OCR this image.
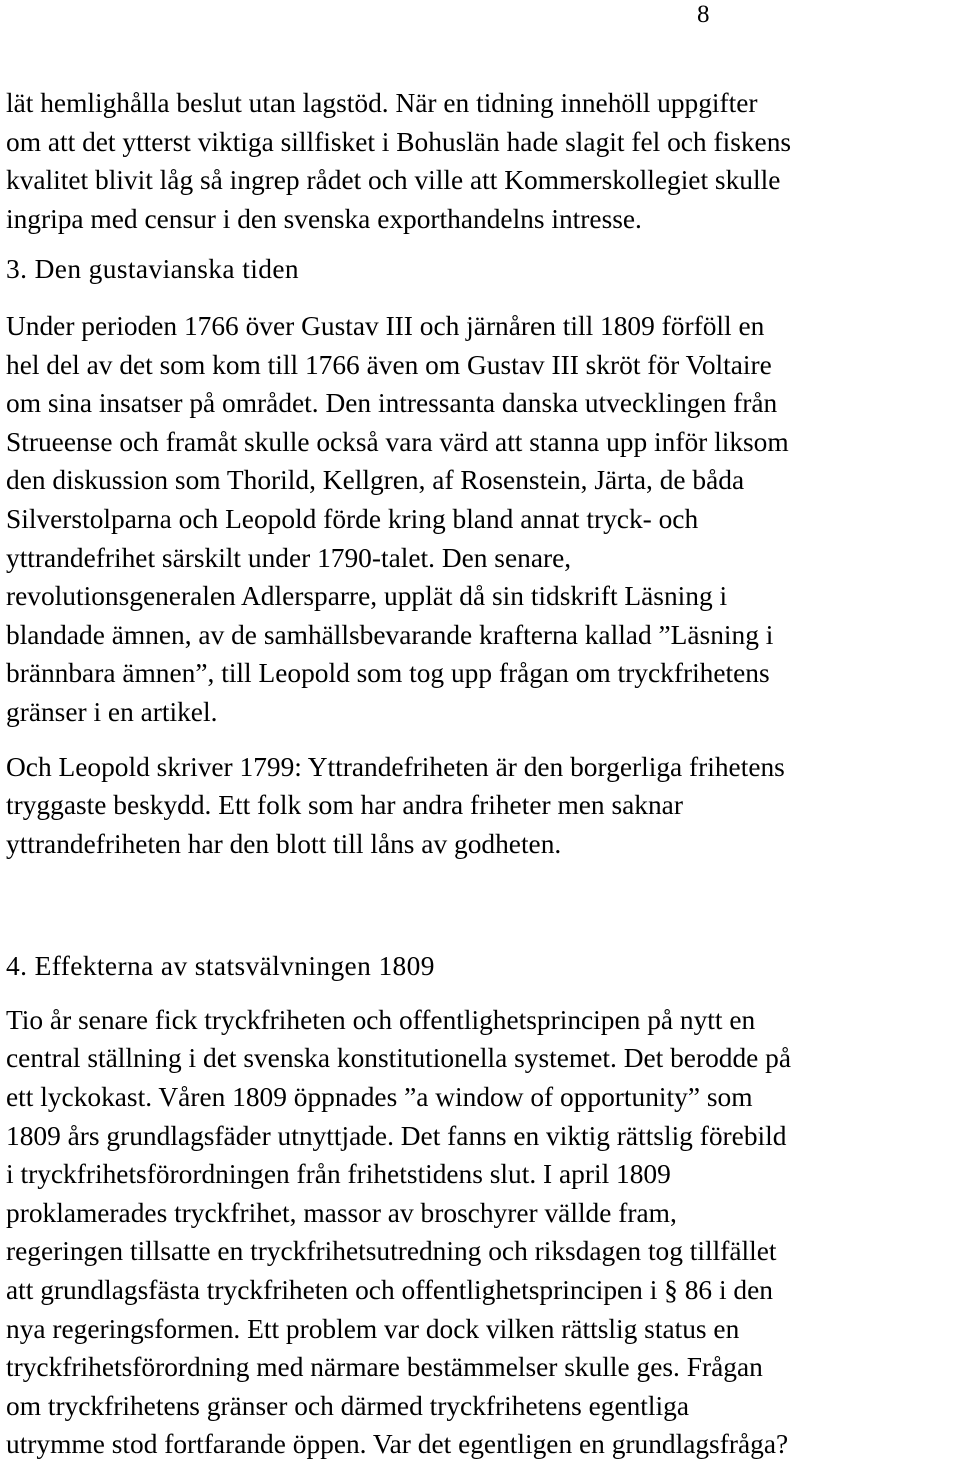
8
lät hemlighålla beslut utan lagstöd. När en tidning innehöll uppgifter
om att det ytterst viktiga sillfisket i Bohuslän hade slagit fel och fiskens
kvalitet blivit låg så ingrep rådet och ville att Kommerskollegiet skulle
ingripa med censur i den svenska exporthandelns intresse.
3. Den gustavianska tiden
Under perioden 1766 över Gustav III och järnåren till 1809 förföll en
hel del av det som kom till 1766 även om Gustav III skröt för Voltaire
om sina insatser på området. Den intressanta danska utvecklingen från
Strueense och framåt skulle också vara värd att stanna upp inför liksom
den diskussion som Thorild, Kellgren, af Rosenstein, Järta, de båda
Silverstolparna och Leopold förde kring bland annat tryck- och
yttrandefrihet särskilt under 1790-talet. Den senare,
revolutionsgeneralen Adlersparre, upplät då sin tidskrift Läsning i
blandade ämnen, av de samhällsbevarande krafterna kallad ”Läsning i
brännbara ämnen”, till Leopold som tog upp frågan om tryckfrihetens
gränser i en artikel.
Och Leopold skriver 1799: Yttrandefriheten är den borgerliga frihetens
tryggaste beskydd. Ett folk som har andra friheter men saknar
yttrandefriheten har den blott till låns av godheten.
4. Effekterna av statsvälvningen 1809
Tio år senare fick tryckfriheten och offentlighetsprincipen på nytt en
central ställning i det svenska konstitutionella systemet. Det berodde på
ett lyckokast. Våren 1809 öppnades ”a window of opportunity” som
1809 års grundlagsfäder utnyttjade. Det fanns en viktig rättslig förebild
i tryckfrihetsförordningen från frihetstidens slut. I april 1809
proklamerades tryckfrihet, massor av broschyrer vällde fram,
regeringen tillsatte en tryckfrihetsutredning och riksdagen tog tillfället
att grundlagsfästa tryckfriheten och offentlighetsprincipen i § 86 i den
nya regeringsformen. Ett problem var dock vilken rättslig status en
tryckfrihetsförordning med närmare bestämmelser skulle ges. Frågan
om tryckfrihetens gränser och därmed tryckfrihetens egentliga
utrymme stod fortfarande öppen. Var det egentligen en grundlagsfråga?
